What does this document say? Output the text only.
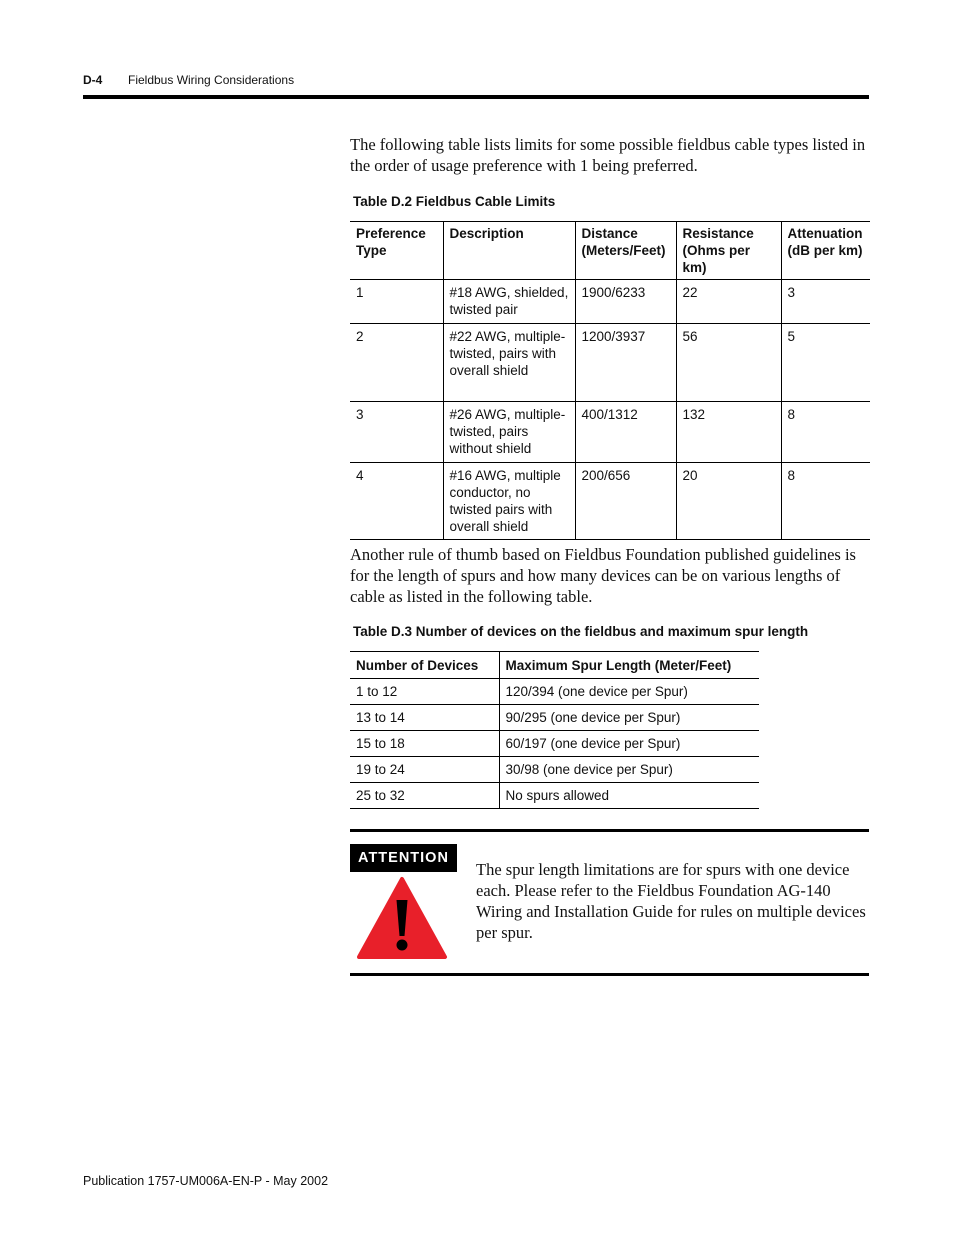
D-4 Fieldbus Wiring Considerations
The following table lists limits for some possible fieldbus cable types listed in the order of usage preference with 1 being preferred.
Table D.2 Fieldbus Cable Limits
Preference Type	Description	Distance (Meters/Feet)	Resistance (Ohms per km)	Attenuation (dB per km)
1	#18 AWG, shielded, twisted pair	1900/6233	22	3
2	#22 AWG, multiple-twisted, pairs with overall shield	1200/3937	56	5
3	#26 AWG, multiple-twisted, pairs without shield	400/1312	132	8
4	#16 AWG, multiple conductor, no twisted pairs with overall shield	200/656	20	8
Another rule of thumb based on Fieldbus Foundation published guidelines is for the length of spurs and how many devices can be on various lengths of cable as listed in the following table.
Table D.3 Number of devices on the fieldbus and maximum spur length
Number of Devices	Maximum Spur Length (Meter/Feet)
1 to 12	120/394 (one device per Spur)
13 to 14	90/295 (one device per Spur)
15 to 18	60/197 (one device per Spur)
19 to 24	30/98 (one device per Spur)
25 to 32	No spurs allowed
ATTENTION
The spur length limitations are for spurs with one device each. Please refer to the Fieldbus Foundation AG-140 Wiring and Installation Guide for rules on multiple devices per spur.
Publication 1757-UM006A-EN-P - May 2002
